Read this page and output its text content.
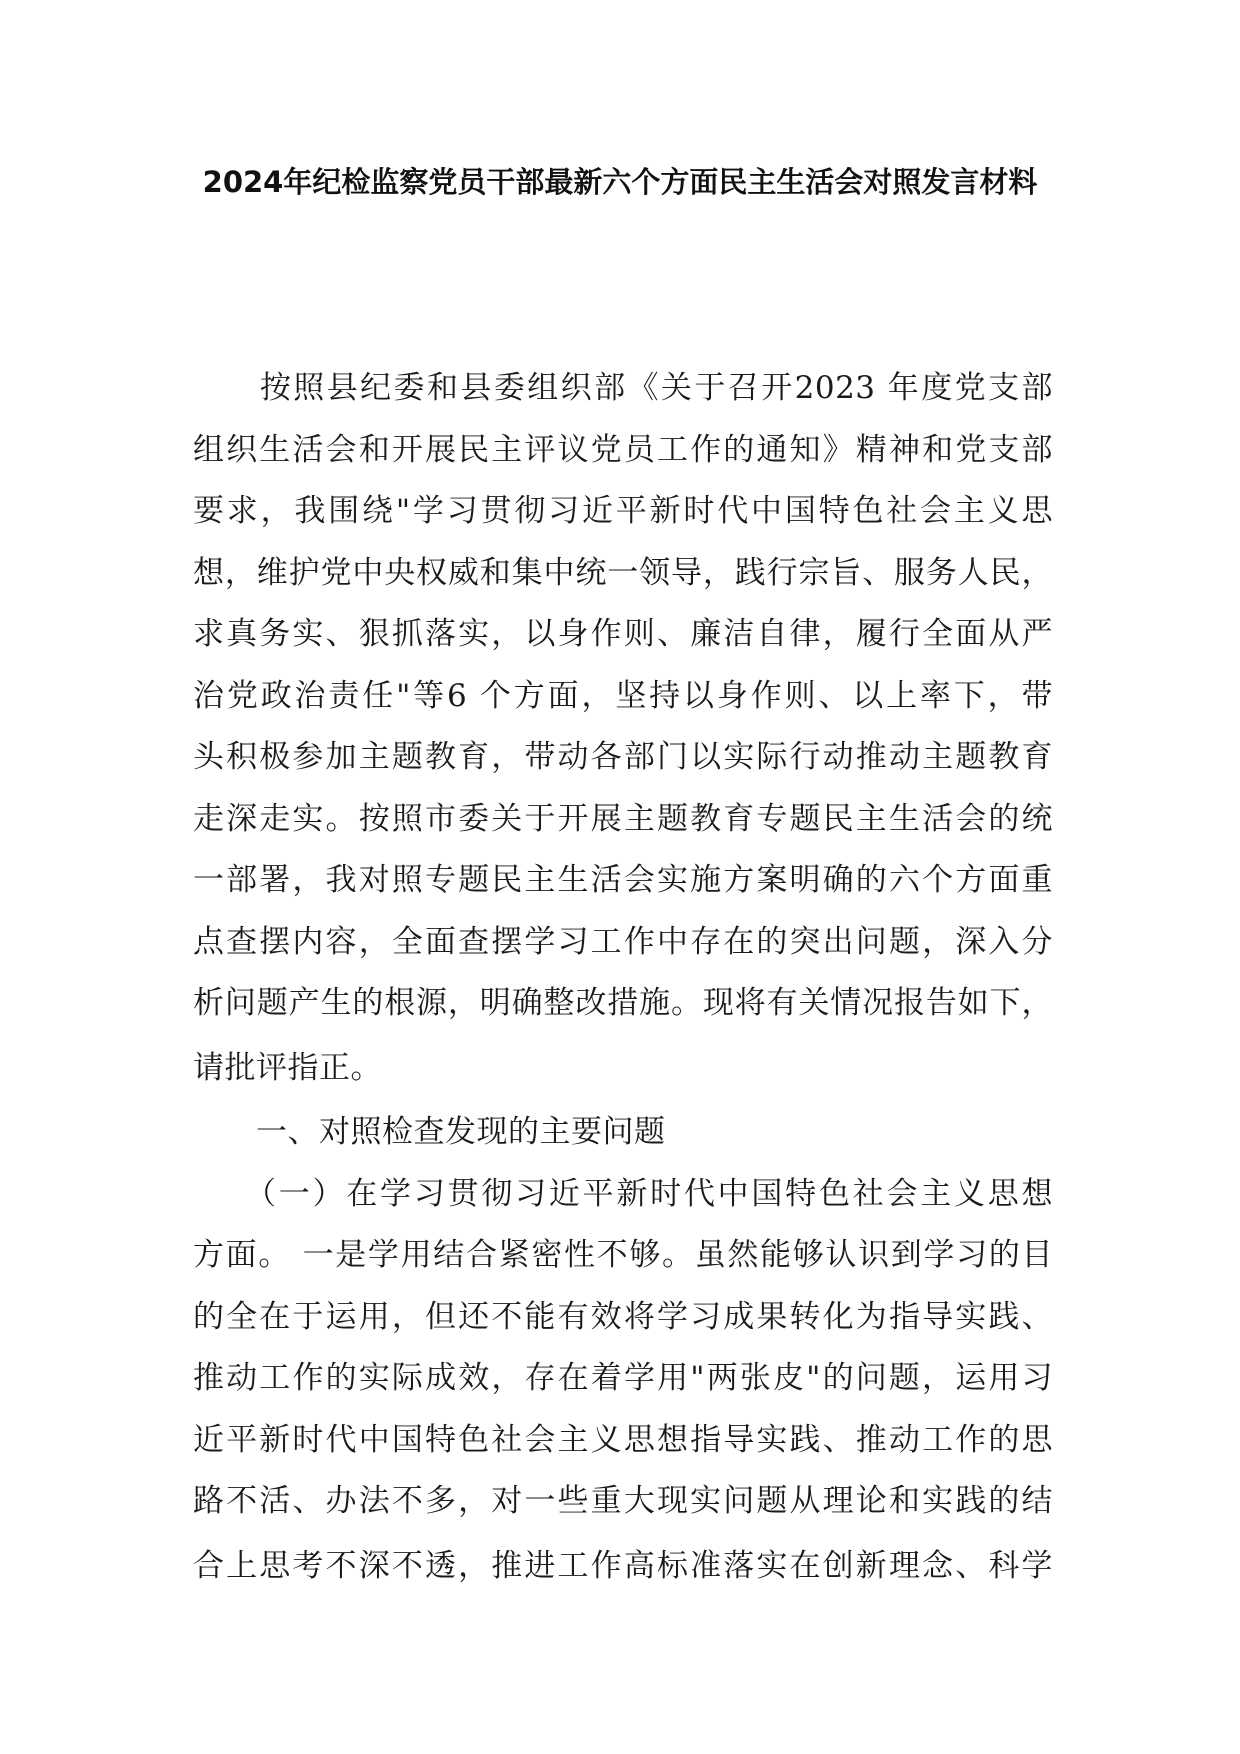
2024年纪检监察党员干部最新六个方面民主生活会对照发言材料
　　按照县纪委和县委组织部《关于召开2023 年度党支部
组织生活会和开展民主评议党员工作的通知》精神和党支部
要求，我围绕"学习贯彻习近平新时代中国特色社会主义思
想，维护党中央权威和集中统一领导，践行宗旨、服务人民，
求真务实、狠抓落实，以身作则、廉洁自律，履行全面从严
治党政治责任"等6 个方面，坚持以身作则、以上率下，带
头积极参加主题教育，带动各部门以实际行动推动主题教育
走深走实。按照市委关于开展主题教育专题民主生活会的统
一部署，我对照专题民主生活会实施方案明确的六个方面重
点查摆内容，全面查摆学习工作中存在的突出问题，深入分
析问题产生的根源，明确整改措施。现将有关情况报告如下，
请批评指正。
　　一、对照检查发现的主要问题
　　（一）在学习贯彻习近平新时代中国特色社会主义思想
方面。 一是学用结合紧密性不够。虽然能够认识到学习的目
的全在于运用，但还不能有效将学习成果转化为指导实践、
推动工作的实际成效，存在着学用"两张皮"的问题，运用习
近平新时代中国特色社会主义思想指导实践、推动工作的思
路不活、办法不多，对一些重大现实问题从理论和实践的结
合上思考不深不透，推进工作高标准落实在创新理念、科学
